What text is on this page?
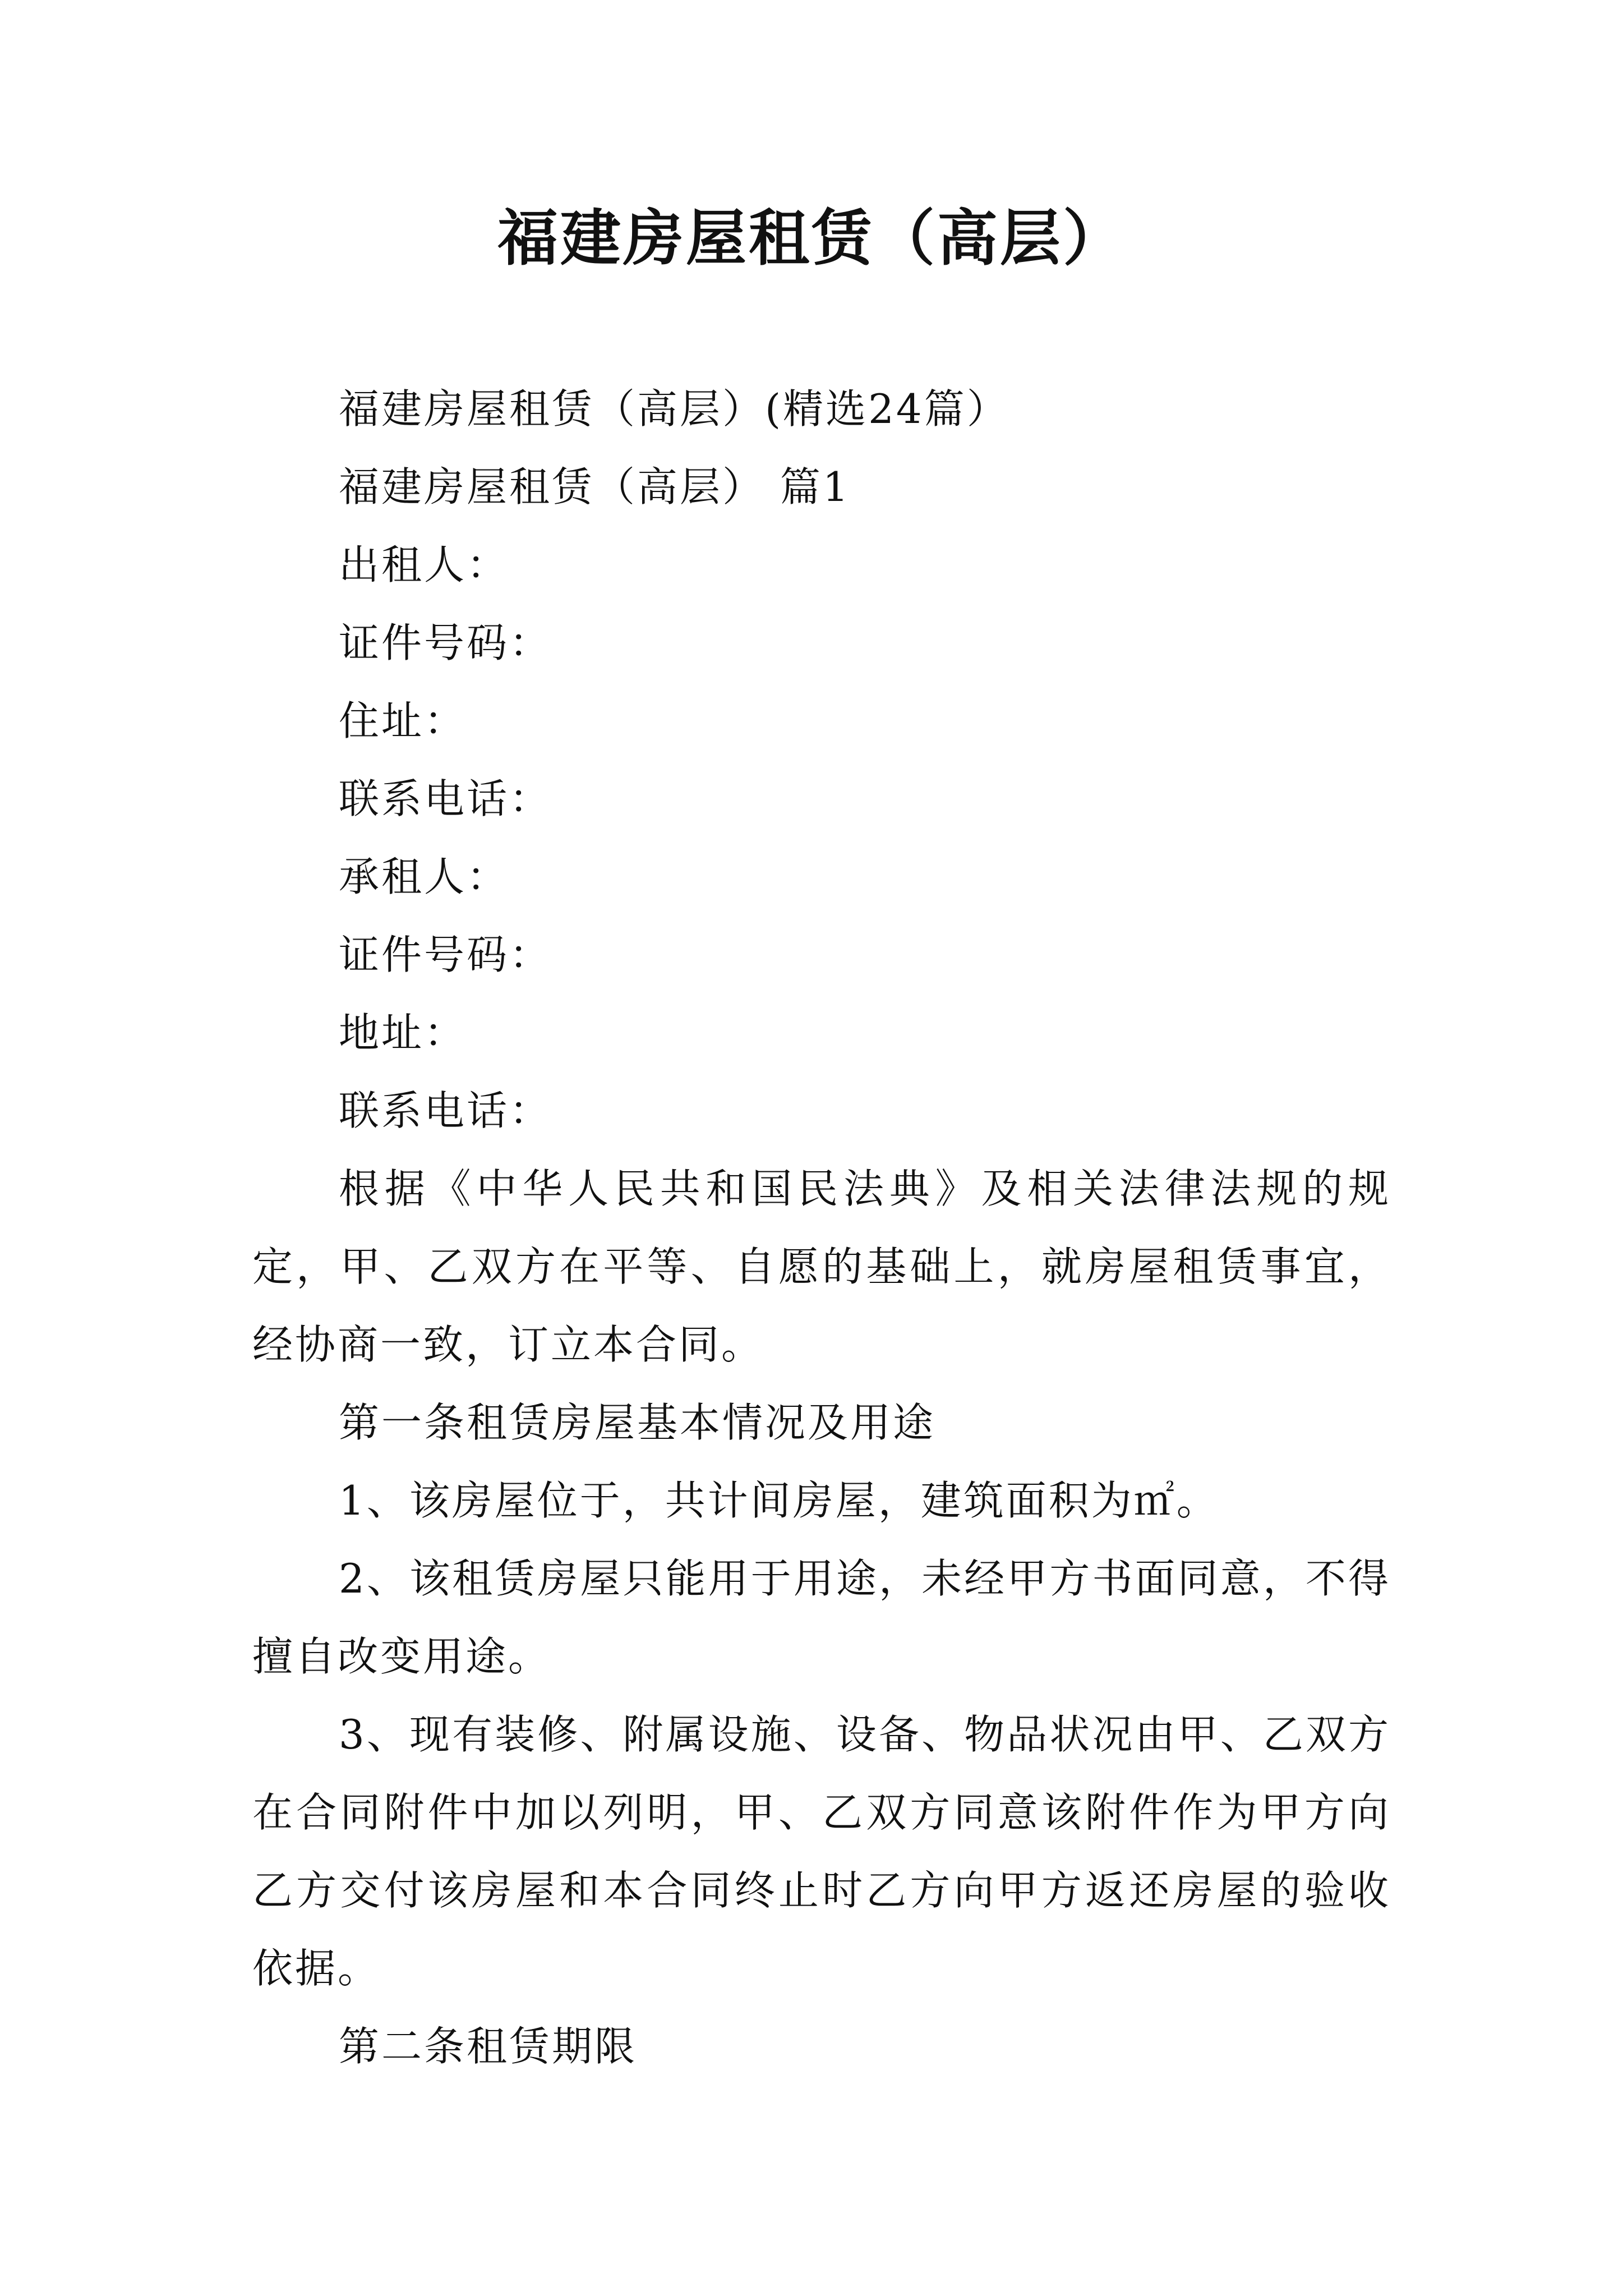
福建房屋租赁（高层）

福建房屋租赁（高层）(精选24篇）

福建房屋租赁（高层） 篇1

出租人：

证件号码：

住址：

联系电话：

承租人：

证件号码：

地址：

联系电话：

根据《中华人民共和国民法典》及相关法律法规的规定，甲、乙双方在平等、自愿的基础上，就房屋租赁事宜，经协商一致，订立本合同。

第一条租赁房屋基本情况及用途

1、该房屋位于，共计间房屋，建筑面积为㎡。

2、该租赁房屋只能用于用途，未经甲方书面同意，不得擅自改变用途。

3、现有装修、附属设施、设备、物品状况由甲、乙双方在合同附件中加以列明，甲、乙双方同意该附件作为甲方向乙方交付该房屋和本合同终止时乙方向甲方返还房屋的验收依据。

第二条租赁期限
